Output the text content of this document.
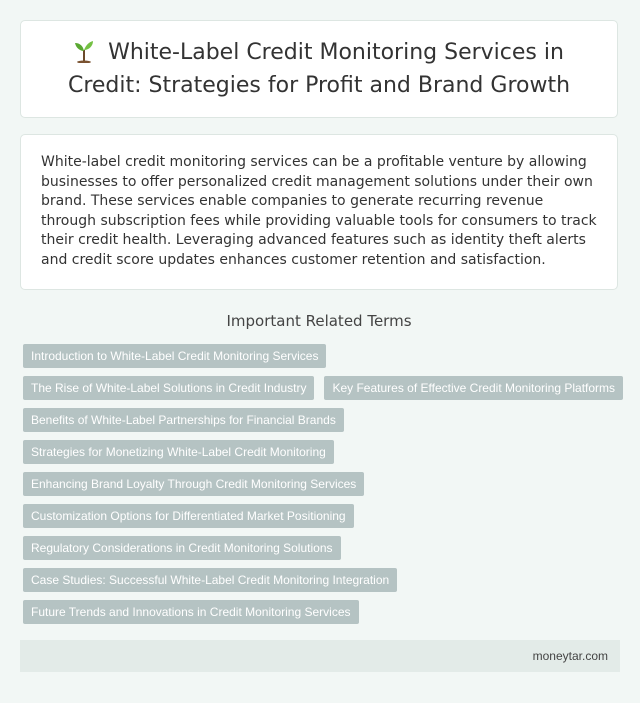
White-Label Credit Monitoring Services in Credit: Strategies for Profit and Brand Growth

White-label credit monitoring services can be a profitable venture by allowing businesses to offer personalized credit management solutions under their own brand. These services enable companies to generate recurring revenue through subscription fees while providing valuable tools for consumers to track their credit health. Leveraging advanced features such as identity theft alerts and credit score updates enhances customer retention and satisfaction.

Important Related Terms
Introduction to White-Label Credit Monitoring Services
The Rise of White-Label Solutions in Credit Industry	Key Features of Effective Credit Monitoring Platforms
Benefits of White-Label Partnerships for Financial Brands
Strategies for Monetizing White-Label Credit Monitoring
Enhancing Brand Loyalty Through Credit Monitoring Services
Customization Options for Differentiated Market Positioning
Regulatory Considerations in Credit Monitoring Solutions
Case Studies: Successful White-Label Credit Monitoring Integration
Future Trends and Innovations in Credit Monitoring Services
moneytar.com
